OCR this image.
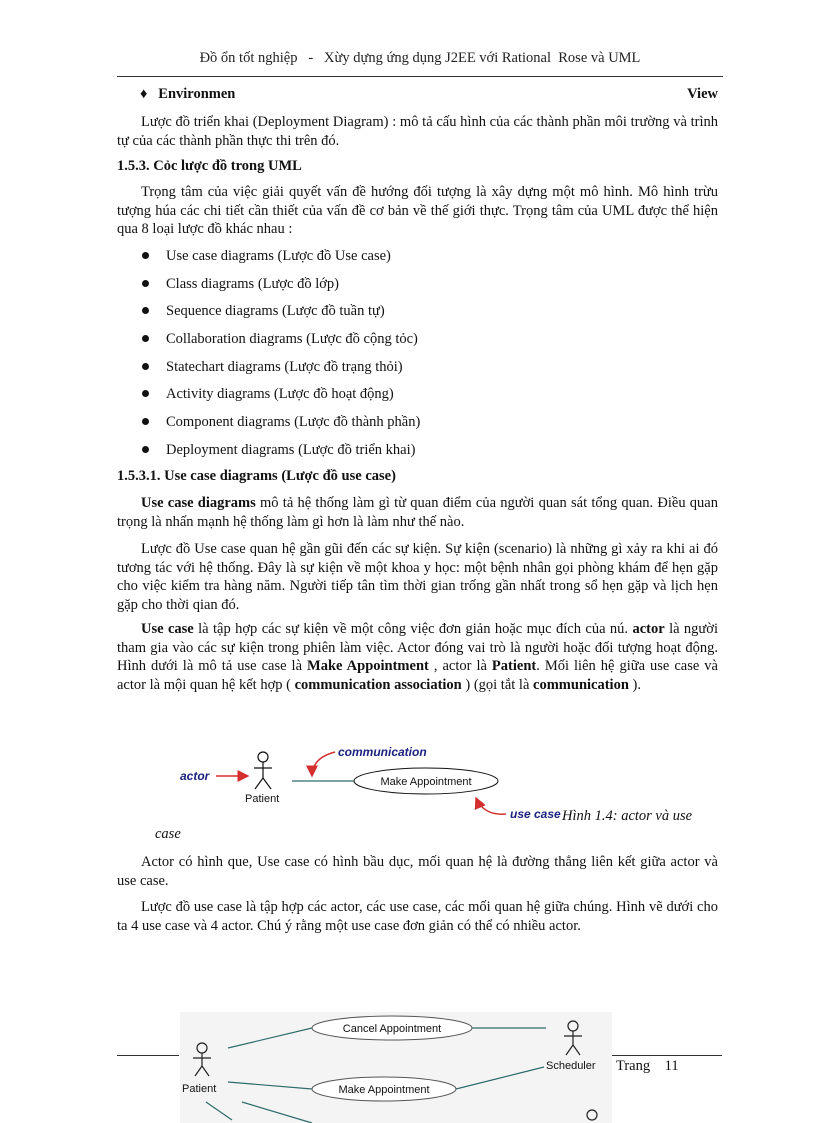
Đồ ổn tốt nghiệp   -   Xừy dựng ứng dụng J2EE với Rational  Rose và UML
♦ Environmen	View
Lược đồ triển khai (Deployment Diagram) : mô tả cấu hình của các thành phần môi trường và trình tự của các thành phần thực thi trên đó.
1.5.3. Cỏc lược đồ trong UML
Trọng tâm của việc giải quyết vấn đề hướng đối tượng là xây dựng một mô hình. Mô hình trừu tượng húa các chi tiết cần thiết của vấn đề cơ bản về thế giới thực. Trọng tâm của UML được thể hiện qua 8 loại lược đồ khác nhau :
Use case diagrams (Lược đồ Use case)
Class diagrams (Lược đồ lớp)
Sequence diagrams (Lược đồ tuần tự)
Collaboration diagrams (Lược đồ cộng tỏc)
Statechart diagrams (Lược đồ trạng thỏi)
Activity diagrams (Lược đồ hoạt động)
Component diagrams (Lược đồ thành phần)
Deployment diagrams (Lược đồ triển khai)
1.5.3.1. Use case diagrams (Lược đồ use case)
Use case diagrams mô tả hệ thống làm gì từ quan điểm của người quan sát tổng quan. Điều quan trọng là nhấn mạnh hệ thống làm gì hơn là làm như thế nào.
Lược đồ Use case quan hệ gần gũi đến các sự kiện. Sự kiện (scenario) là những gì xảy ra khi ai đó tương tác với hệ thống. Đây là sự kiện về một khoa y học: một bệnh nhân gọi phòng khám để hẹn gặp cho việc kiểm tra hàng năm. Người tiếp tân tìm thời gian trống gần nhất trong sổ hẹn gặp và lịch hẹn gặp cho thời qian đó.
Use case là tập hợp các sự kiện về một công việc đơn giản hoặc mục đích của nú. actor là người tham gia vào các sự kiện trong phiên làm việc. Actor đóng vai trò là người hoặc đối tượng hoạt động. Hình dưới là mô tả use case là Make Appointment , actor là Patient. Mối liên hệ giữa use case và actor là mội quan hệ kết hợp ( communication association ) (gọi tắt là communication ).
actor
Patient
communication
Make Appointment
use case Hình 1.4: actor và use
case
Actor có hình que, Use case có hình bầu dục, mối quan hệ là đường thẳng liên kết giữa actor và use case.
Lược đồ use case là tập hợp các actor, các use case, các mối quan hệ giữa chúng. Hình vẽ dưới cho ta 4 use case và 4 actor. Chú ý rằng một use case đơn giản có thể có nhiều actor.
Cancel Appointment
Make Appointment
Patient
Scheduler Trang 11
